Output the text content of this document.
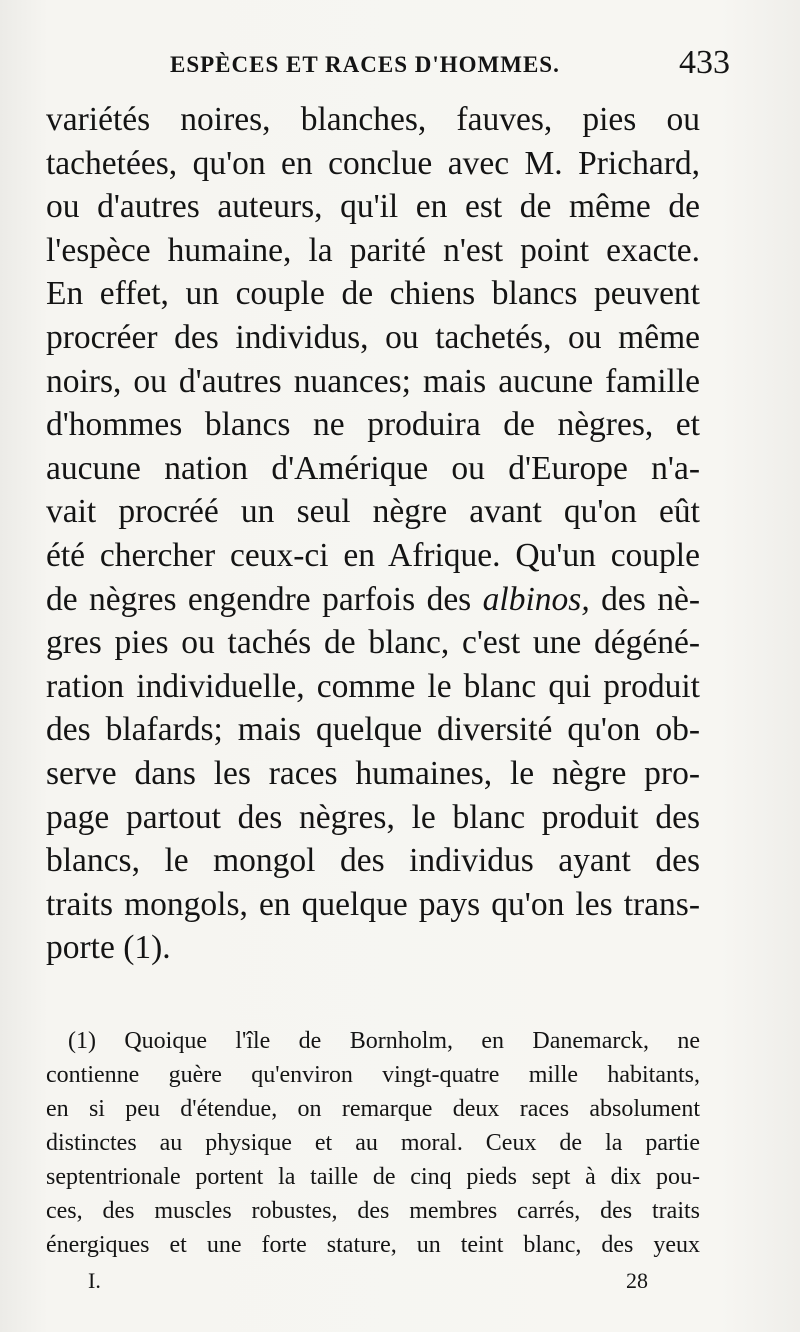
ESPÈCES ET RACES D'HOMMES.	433
variétés noires, blanches, fauves, pies ou
tachetées, qu'on en conclue avec M. Prichard,
ou d'autres auteurs, qu'il en est de même de
l'espèce humaine, la parité n'est point exacte.
En effet, un couple de chiens blancs peuvent
procréer des individus, ou tachetés, ou même
noirs, ou d'autres nuances; mais aucune famille
d'hommes blancs ne produira de nègres, et
aucune nation d'Amérique ou d'Europe n'a-
vait procréé un seul nègre avant qu'on eût
été chercher ceux-ci en Afrique. Qu'un couple
de nègres engendre parfois des albinos, des nè-
gres pies ou tachés de blanc, c'est une dégéné-
ration individuelle, comme le blanc qui produit
des blafards; mais quelque diversité qu'on ob-
serve dans les races humaines, le nègre pro-
page partout des nègres, le blanc produit des
blancs, le mongol des individus ayant des
traits mongols, en quelque pays qu'on les trans-
porte (1).
(1) Quoique l'île de Bornholm, en Danemarck, ne
contienne guère qu'environ vingt-quatre mille habitants,
en si peu d'étendue, on remarque deux races absolument
distinctes au physique et au moral. Ceux de la partie
septentrionale portent la taille de cinq pieds sept à dix pou-
ces, des muscles robustes, des membres carrés, des traits
énergiques et une forte stature, un teint blanc, des yeux
I.	28
